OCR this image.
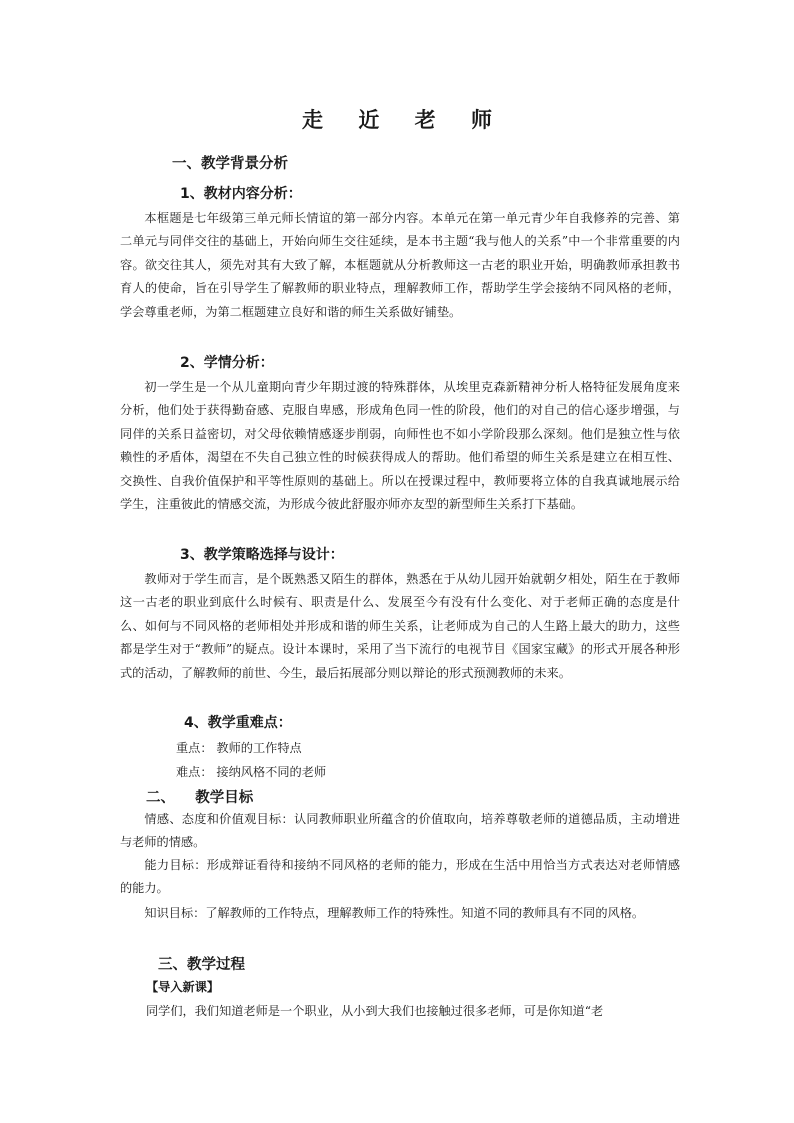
走 近 老 师
一、教学背景分析
1、教材内容分析：

本框题是七年级第三单元师长情谊的第一部分内容。本单元在第一单元青少年自我修养的完善、第二单元与同伴交往的基础上，开始向师生交往延续，是本书主题“我与他人的关系”中一个非常重要的内容。欲交往其人，须先对其有大致了解，本框题就从分析教师这一古老的职业开始，明确教师承担教书育人的使命，旨在引导学生了解教师的职业特点，理解教师工作，帮助学生学会接纳不同风格的老师，学会尊重老师，为第二框题建立良好和谐的师生关系做好铺垫。

2、学情分析：

初一学生是一个从儿童期向青少年期过渡的特殊群体，从埃里克森新精神分析人格特征发展角度来分析，他们处于获得勤奋感、克服自卑感，形成角色同一性的阶段，他们的对自己的信心逐步增强，与同伴的关系日益密切，对父母依赖情感逐步削弱，向师性也不如小学阶段那么深刻。他们是独立性与依赖性的矛盾体，渴望在不失自己独立性的时候获得成人的帮助。他们希望的师生关系是建立在相互性、交换性、自我价值保护和平等性原则的基础上。所以在授课过程中，教师要将立体的自我真诚地展示给学生，注重彼此的情感交流，为形成今彼此舒服亦师亦友型的新型师生关系打下基础。

3、教学策略选择与设计：

教师对于学生而言，是个既熟悉又陌生的群体，熟悉在于从幼儿园开始就朝夕相处，陌生在于教师这一古老的职业到底什么时候有、职责是什么、发展至今有没有什么变化、对于老师正确的态度是什么、如何与不同风格的老师相处并形成和谐的师生关系，让老师成为自己的人生路上最大的助力，这些都是学生对于“教师”的疑点。设计本课时，采用了当下流行的电视节目《国家宝藏》的形式开展各种形式的活动，了解教师的前世、今生，最后拓展部分则以辩论的形式预测教师的未来。

4、教学重难点：
重点： 教师的工作特点
难点： 接纳风格不同的老师
二、    教学目标

情感、态度和价值观目标：认同教师职业所蕴含的价值取向，培养尊敬老师的道德品质，主动增进与老师的情感。

能力目标：形成辩证看待和接纳不同风格的老师的能力，形成在生活中用恰当方式表达对老师情感的能力。

知识目标：了解教师的工作特点，理解教师工作的特殊性。知道不同的教师具有不同的风格。

三、教学过程
【导入新课】
同学们，我们知道老师是一个职业，从小到大我们也接触过很多老师，可是你知道“老
